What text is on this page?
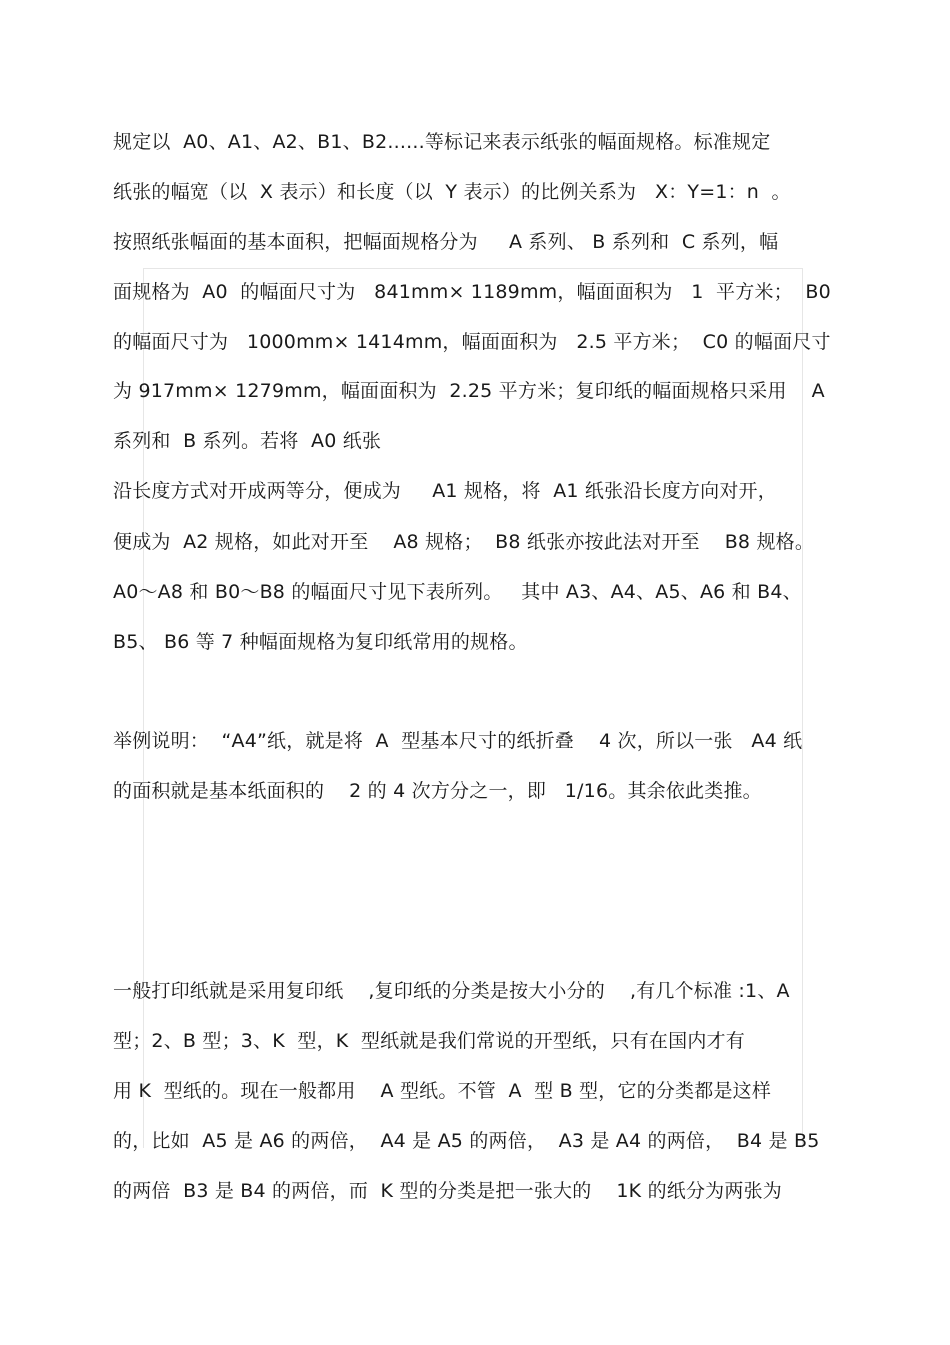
规定以  A0、A1、A2、B1、B2......等标记来表示纸张的幅面规格。标准规定
纸张的幅宽（以  X 表示）和长度（以  Y 表示）的比例关系为   X：Y=1：n  。
按照纸张幅面的基本面积，把幅面规格分为     A 系列、 B 系列和  C 系列，幅
面规格为  A0  的幅面尺寸为   841mm× 1189mm，幅面面积为   1  平方米；  B0
的幅面尺寸为   1000mm× 1414mm，幅面面积为   2.5 平方米；  C0 的幅面尺寸
为 917mm× 1279mm，幅面面积为  2.25 平方米；复印纸的幅面规格只采用    A
系列和  B 系列。若将  A0 纸张
沿长度方式对开成两等分，便成为     A1 规格，将  A1 纸张沿长度方向对开，
便成为  A2 规格，如此对开至    A8 规格；  B8 纸张亦按此法对开至    B8 规格。
A0～A8 和 B0～B8 的幅面尺寸见下表所列。   其中 A3、A4、A5、A6 和 B4、
B5、 B6 等 7 种幅面规格为复印纸常用的规格。
举例说明：  “A4”纸，就是将  A  型基本尺寸的纸折叠    4 次，所以一张   A4 纸
的面积就是基本纸面积的    2 的 4 次方分之一，即   1/16。其余依此类推。
一般打印纸就是采用复印纸    ,复印纸的分类是按大小分的    ,有几个标准 :1、A
型；2、B 型；3、K  型，K  型纸就是我们常说的开型纸，只有在国内才有
用 K  型纸的。现在一般都用    A 型纸。不管  A  型 B 型，它的分类都是这样
的，比如  A5 是 A6 的两倍，  A4 是 A5 的两倍，  A3 是 A4 的两倍，  B4 是 B5
的两倍  B3 是 B4 的两倍，而  K 型的分类是把一张大的    1K 的纸分为两张为
